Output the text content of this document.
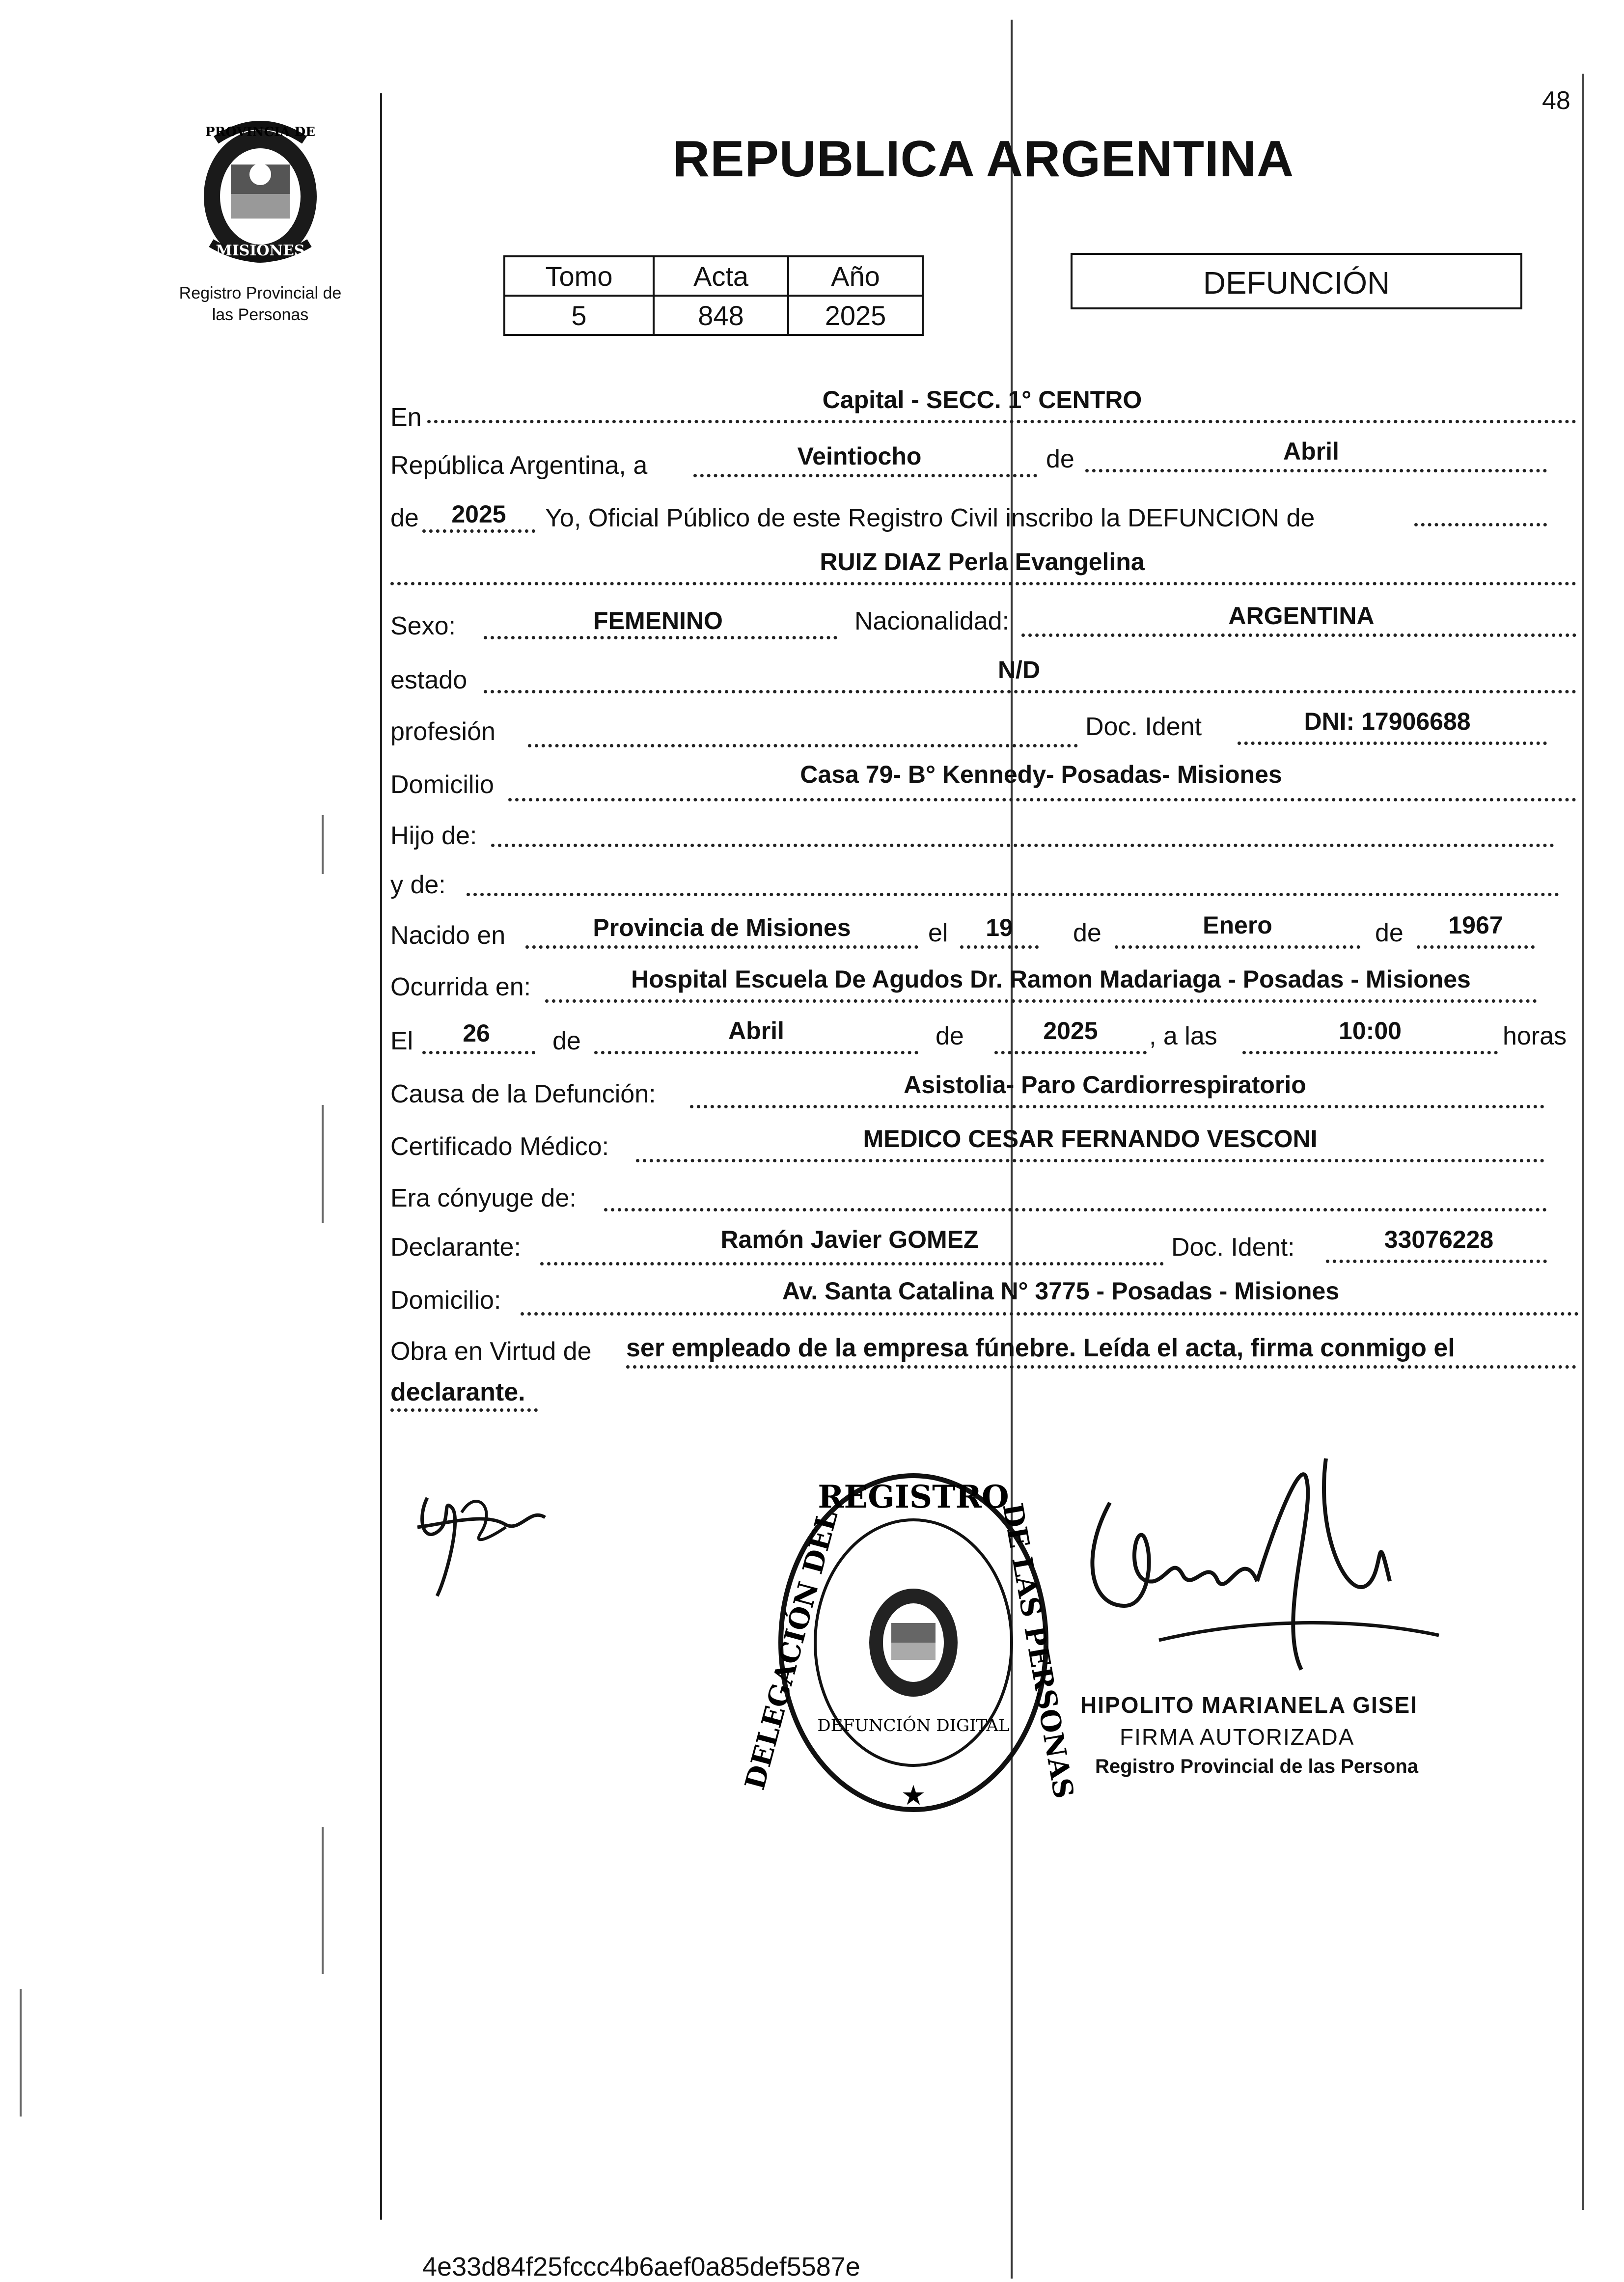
48
PROVINCIA DE
MISIONES
Registro Provincial de
las Personas
REPUBLICA ARGENTINA
Tomo	Acta	Año
5	848	2025
DEFUNCIÓN
En
Capital - SECC. 1° CENTRO
República Argentina, a	Veintiocho	de	Abril
de	2025	Yo, Oficial Público de este Registro Civil inscribo la DEFUNCION de
RUIZ DIAZ Perla Evangelina
Sexo:	FEMENINO	Nacionalidad:	ARGENTINA
estado	N/D
profesión	Doc. Ident	DNI: 17906688
Domicilio	Casa 79- B° Kennedy- Posadas- Misiones
Hijo de:
y de:
Nacido en	Provincia de Misiones	el	19	de	Enero	de	1967
Ocurrida en:	Hospital Escuela De Agudos Dr. Ramon Madariaga - Posadas - Misiones
El	26	de	Abril	de	2025	, a las	10:00	horas
Causa de la Defunción:	Asistolia- Paro Cardiorrespiratorio
Certificado Médico:	MEDICO CESAR FERNANDO VESCONI
Era cónyuge de:
Declarante:	Ramón Javier GOMEZ	Doc. Ident:	33076228
Domicilio:	Av. Santa Catalina N° 3775 - Posadas - Misiones
Obra en Virtud de ser empleado de la empresa fúnebre. Leída el acta, firma conmigo el
declarante.
REGISTRO
DELEGACIÓN DEL	DE LAS PERSONAS
DEFUNCIÓN DIGITAL
★
HIPOLITO MARIANELA GISEl
FIRMA AUTORIZADA
Registro Provincial de las Persona
4e33d84f25fccc4b6aef0a85def5587e
